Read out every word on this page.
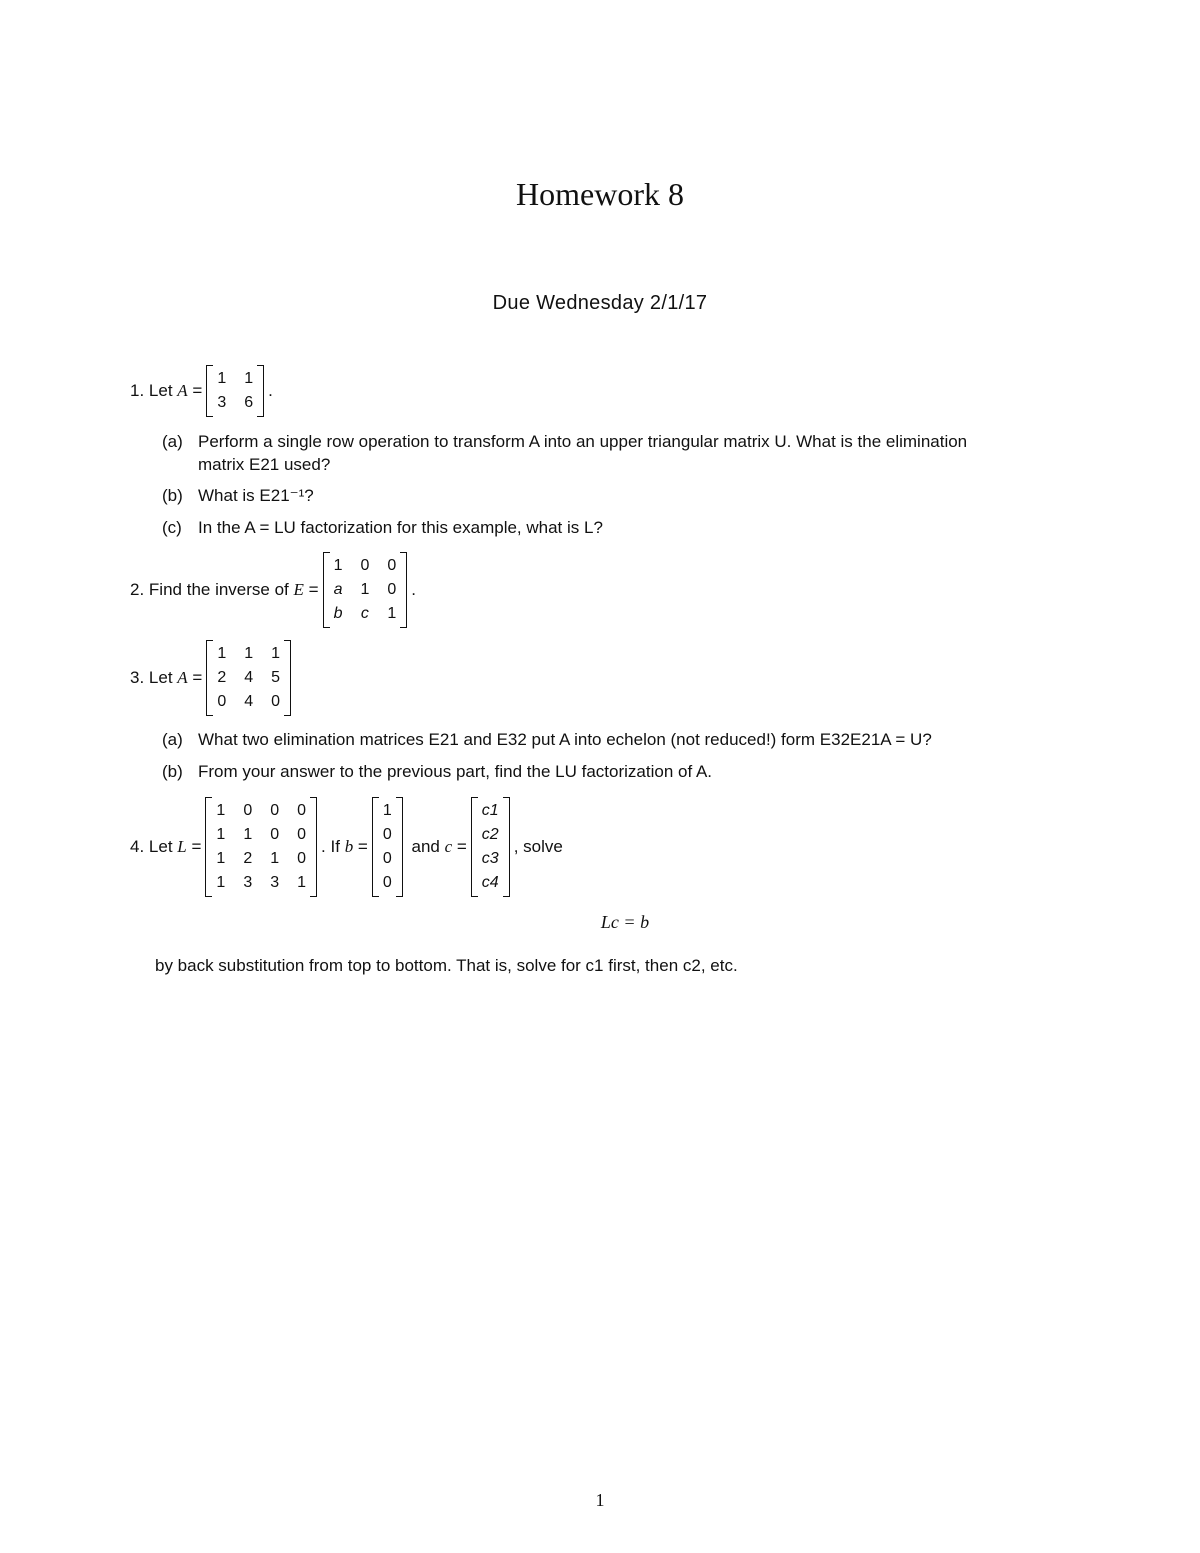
Homework 8
Due Wednesday 2/1/17
1.
Let
A =
1 1
3 6
.
(a) Perform a single row operation to transform A into an upper triangular matrix U. What is the elimination
matrix E21 used?
(b) What is E21⁻¹?
(c) In the A = LU factorization for this example, what is L?
2.
Find the inverse of
E =
1 0 0
a 1 0
b c 1
.
3.
Let
A =
1 1 1
2 4 5
0 4 0
(a) What two elimination matrices E21 and E32 put A into echelon (not reduced!) form E32E21A = U?
(b) From your answer to the previous part, find the LU factorization of A.
4.
Let
L =
1 0 0 0
1 1 0 0
1 2 1 0
1 3 3 1
. If
b =
1
0
0
0

and
c =
c1
c2
c3
c4
, solve
Lc = b
by back substitution from top to bottom. That is, solve for c1 first, then c2, etc.
1
